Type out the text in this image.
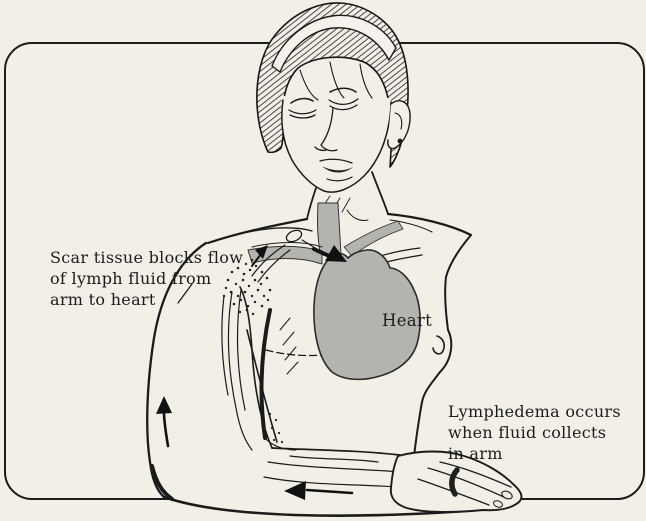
Scar tissue blocks flow
of lymph fluid from
arm to heart
Heart
Lymphedema occurs
when fluid collects
in arm
